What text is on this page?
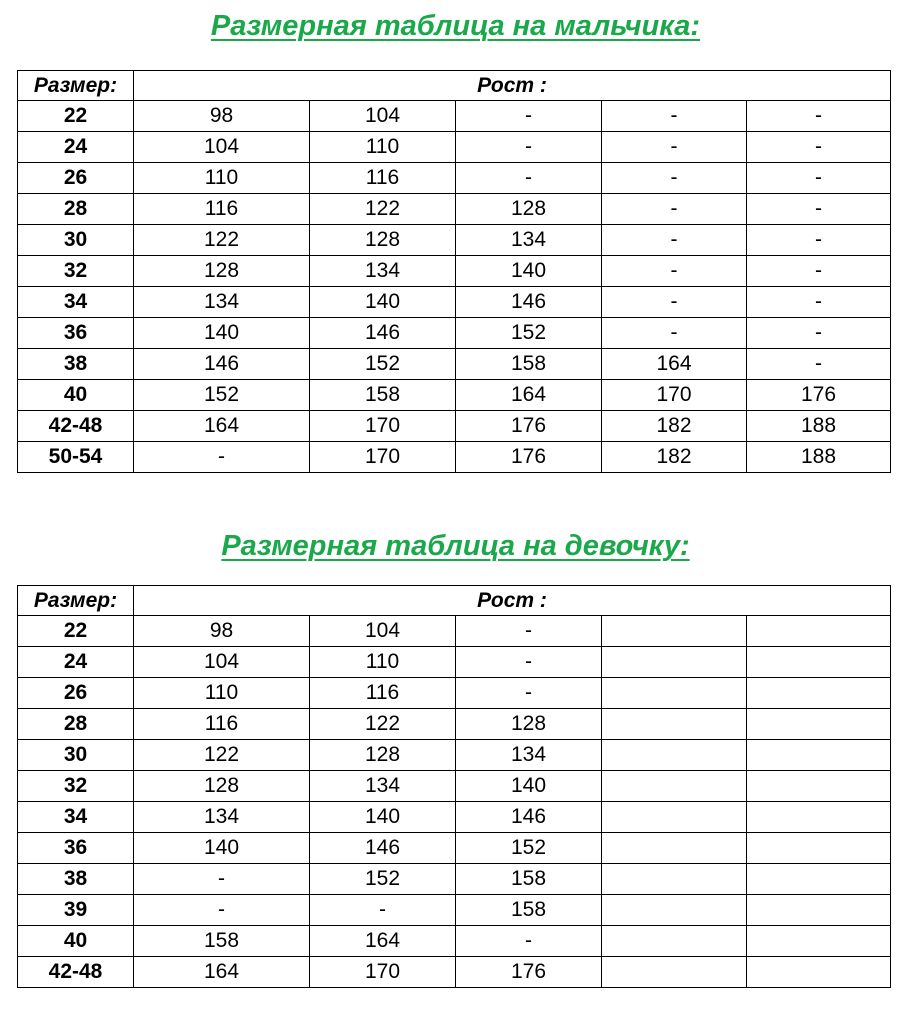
Размерная таблица на мальчика:
Размер:	Рост :				
22	98	104	-	-	-
24	104	110	-	-	-
26	110	116	-	-	-
28	116	122	128	-	-
30	122	128	134	-	-
32	128	134	140	-	-
34	134	140	146	-	-
36	140	146	152	-	-
38	146	152	158	164	-
40	152	158	164	170	176
42-48	164	170	176	182	188
50-54	-	170	176	182	188
Размерная таблица на девочку:
Размер:	Рост :				
22	98	104	-		
24	104	110	-		
26	110	116	-		
28	116	122	128		
30	122	128	134		
32	128	134	140		
34	134	140	146		
36	140	146	152		
38	-	152	158		
39	-	-	158		
40	158	164	-		
42-48	164	170	176		
